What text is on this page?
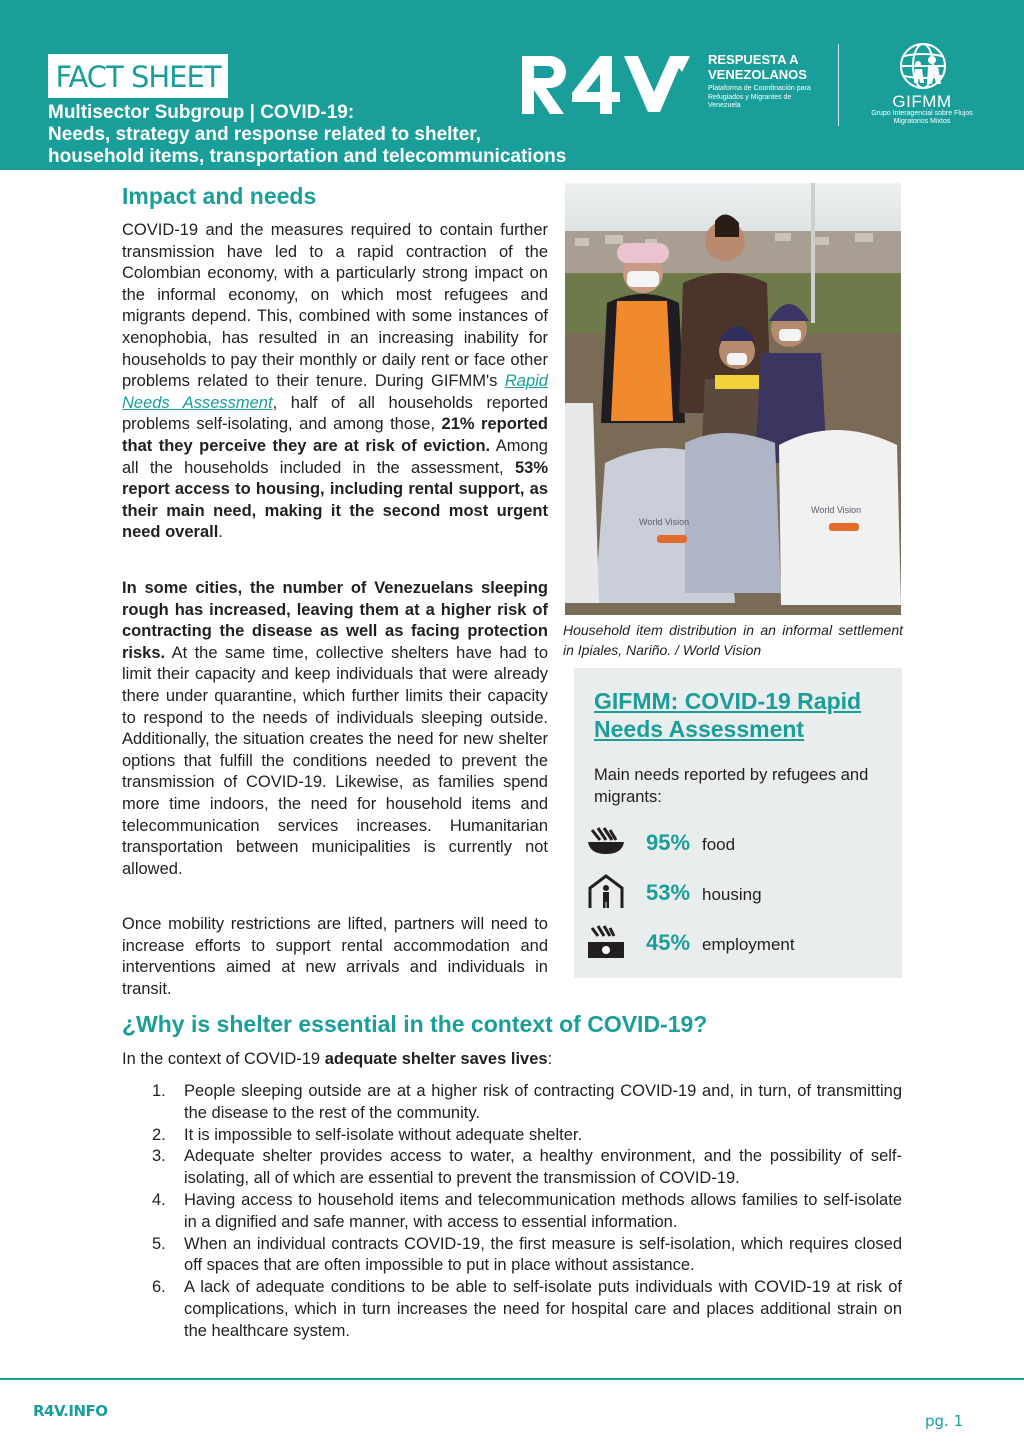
FACT SHEET
Multisector Subgroup | COVID-19:
Needs, strategy and response related to shelter,
household items, transportation and telecommunications
RESPUESTA A
VENEZOLANOS
Plataforma de Coordinación para Refugiados y Migrantes de Venezuela	GIFMM
Grupo Interagencial sobre Flujos Migratorios Mixtos
Impact and needs
COVID-19 and the measures required to contain further transmission have led to a rapid contraction of the Colombian economy, with a particularly strong impact on the informal economy, on which most refugees and migrants depend. This, combined with some instances of xenophobia, has resulted in an increasing inability for households to pay their monthly or daily rent or face other problems related to their tenure. During GIFMM's Rapid Needs Assessment, half of all households reported problems self-isolating, and among those, 21% reported that they perceive they are at risk of eviction. Among all the households included in the assessment, 53% report access to housing, including rental support, as their main need, making it the second most urgent need overall.
In some cities, the number of Venezuelans sleeping rough has increased, leaving them at a higher risk of contracting the disease as well as facing protection risks. At the same time, collective shelters have had to limit their capacity and keep individuals that were already there under quarantine, which further limits their capacity to respond to the needs of individuals sleeping outside. Additionally, the situation creates the need for new shelter options that fulfill the conditions needed to prevent the transmission of COVID-19. Likewise, as families spend more time indoors, the need for household items and telecommunication services increases. Humanitarian transportation between municipalities is currently not allowed.
Once mobility restrictions are lifted, partners will need to increase efforts to support rental accommodation and interventions aimed at new arrivals and individuals in transit.
World Vision
World Vision
Household item distribution in an informal settlement in Ipiales, Nariño. / World Vision
GIFMM: COVID-19 Rapid
Needs Assessment
Main needs reported by refugees and migrants:
95% food
53% housing
45% employment
¿Why is shelter essential in the context of COVID-19?
In the context of COVID-19 adequate shelter saves lives:
1. People sleeping outside are at a higher risk of contracting COVID-19 and, in turn, of transmitting the disease to the rest of the community.
2. It is impossible to self-isolate without adequate shelter.
3. Adequate shelter provides access to water, a healthy environment, and the possibility of self-isolating, all of which are essential to prevent the transmission of COVID-19.
4. Having access to household items and telecommunication methods allows families to self-isolate in a dignified and safe manner, with access to essential information.
5. When an individual contracts COVID-19, the first measure is self-isolation, which requires closed off spaces that are often impossible to put in place without assistance.
6. A lack of adequate conditions to be able to self-isolate puts individuals with COVID-19 at risk of complications, which in turn increases the need for hospital care and places additional strain on the healthcare system.
R4V.INFO
pg. 1
